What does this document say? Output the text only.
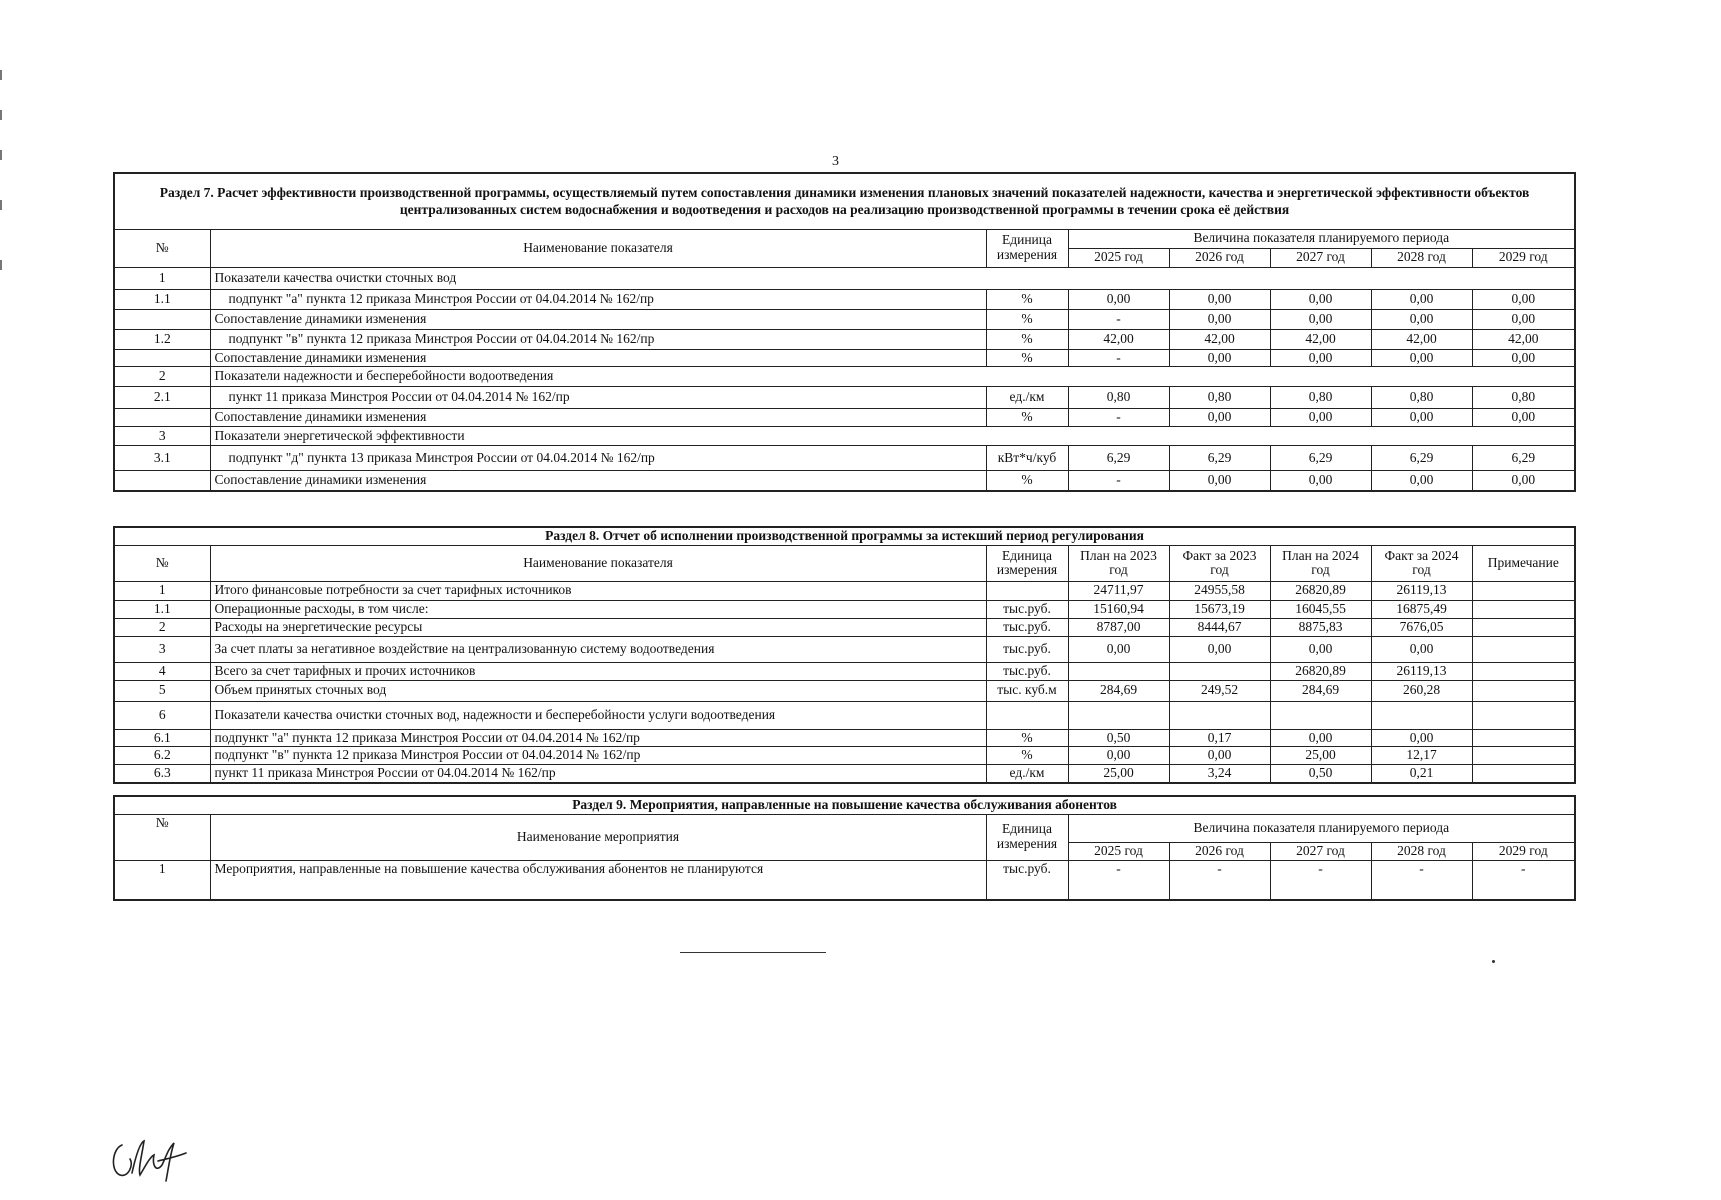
3
Раздел 7. Расчет эффективности производственной программы, осуществляемый путем сопоставления динамики изменения плановых значений показателей надежности, качества и энергетической эффективности объектов централизованных систем водоснабжения и водоотведения и расходов на реализацию производственной программы в течении срока её действия							
№	Наименование показателя	Единица измерения	Величина показателя планируемого периода				
			2025 год	2026 год	2027 год	2028 год	2029 год
1	Показатели качества очистки сточных вод						
1.1	подпункт "а" пункта 12 приказа Минстроя России от 04.04.2014 № 162/пр	%	0,00	0,00	0,00	0,00	0,00
	Сопоставление динамики изменения	%	-	0,00	0,00	0,00	0,00
1.2	подпункт "в" пункта 12 приказа Минстроя России от 04.04.2014 № 162/пр	%	42,00	42,00	42,00	42,00	42,00
	Сопоставление динамики изменения	%	-	0,00	0,00	0,00	0,00
2	Показатели надежности и бесперебойности водоотведения						
2.1	пункт 11 приказа Минстроя России от 04.04.2014 № 162/пр	ед./км	0,80	0,80	0,80	0,80	0,80
	Сопоставление динамики изменения	%	-	0,00	0,00	0,00	0,00
3	Показатели энергетической эффективности						
3.1	подпункт "д" пункта 13 приказа Минстроя России от 04.04.2014 № 162/пр	кВт*ч/куб	6,29	6,29	6,29	6,29	6,29
	Сопоставление динамики изменения	%	-	0,00	0,00	0,00	0,00
Раздел 8. Отчет об исполнении производственной программы за истекший период регулирования							
№	Наименование показателя	Единица измерения	План на 2023 год	Факт за 2023 год	План на 2024 год	Факт за 2024 год	Примечание
1	Итого финансовые потребности за счет тарифных источников		24711,97	24955,58	26820,89	26119,13	
1.1	Операционные расходы, в том числе:	тыс.руб.	15160,94	15673,19	16045,55	16875,49	
2	Расходы на энергетические ресурсы	тыс.руб.	8787,00	8444,67	8875,83	7676,05	
3	За счет платы за негативное воздействие на централизованную систему водоотведения	тыс.руб.	0,00	0,00	0,00	0,00	
4	Всего за счет тарифных и прочих источников	тыс.руб.			26820,89	26119,13	
5	Объем принятых сточных вод	тыс. куб.м	284,69	249,52	284,69	260,28	
6	Показатели качества очистки сточных вод, надежности и бесперебойности услуги водоотведения						
6.1	подпункт "а" пункта 12 приказа Минстроя России от 04.04.2014 № 162/пр	%	0,50	0,17	0,00	0,00	
6.2	подпункт "в" пункта 12 приказа Минстроя России от 04.04.2014 № 162/пр	%	0,00	0,00	25,00	12,17	
6.3	пункт 11 приказа Минстроя России от 04.04.2014 № 162/пр	ед./км	25,00	3,24	0,50	0,21	
Раздел 9. Мероприятия, направленные на повышение качества обслуживания абонентов							
№	Наименование мероприятия	Единица измерения	Величина показателя планируемого периода				
			2025 год	2026 год	2027 год	2028 год	2029 год
1	Мероприятия, направленные на повышение качества обслуживания абонентов не планируются	тыс.руб.	-	-	-	-	-
